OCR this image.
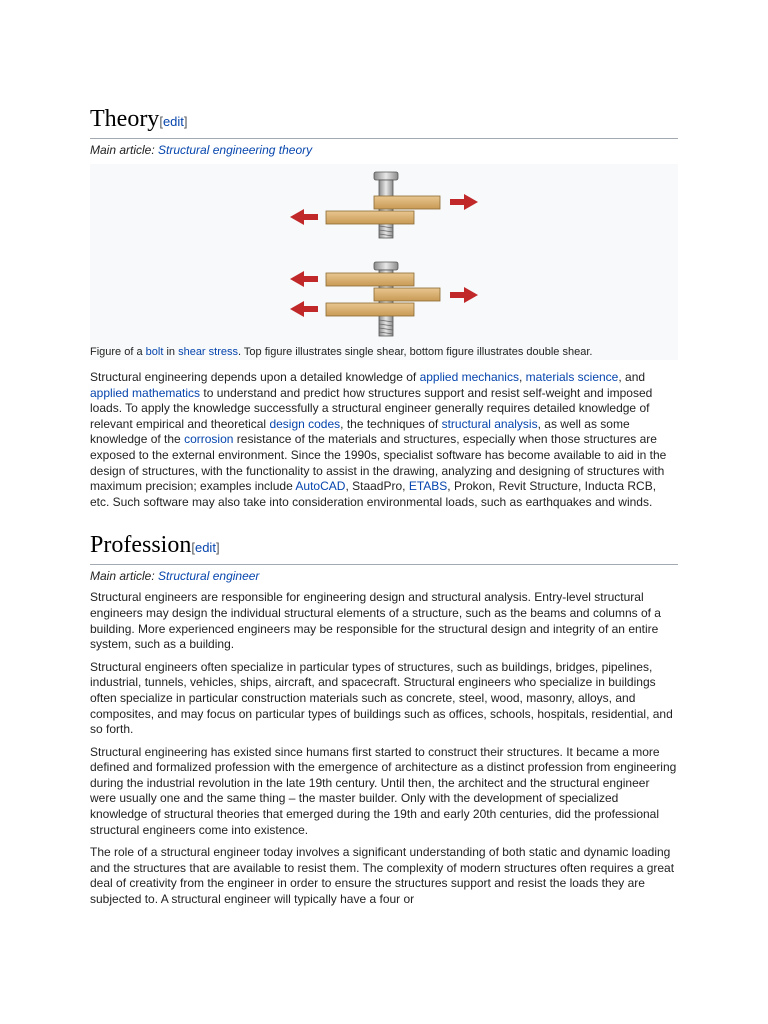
Theory[edit]
Main article: Structural engineering theory
Figure of a bolt in shear stress. Top figure illustrates single shear, bottom figure illustrates double shear.

Structural engineering depends upon a detailed knowledge of applied mechanics, materials science, and applied mathematics to understand and predict how structures support and resist self-weight and imposed loads. To apply the knowledge successfully a structural engineer generally requires detailed knowledge of relevant empirical and theoretical design codes, the techniques of structural analysis, as well as some knowledge of the corrosion resistance of the materials and structures, especially when those structures are exposed to the external environment. Since the 1990s, specialist software has become available to aid in the design of structures, with the functionality to assist in the drawing, analyzing and designing of structures with maximum precision; examples include AutoCAD, StaadPro, ETABS, Prokon, Revit Structure, Inducta RCB, etc. Such software may also take into consideration environmental loads, such as earthquakes and winds.

Profession[edit]
Main article: Structural engineer

Structural engineers are responsible for engineering design and structural analysis. Entry-level structural engineers may design the individual structural elements of a structure, such as the beams and columns of a building. More experienced engineers may be responsible for the structural design and integrity of an entire system, such as a building.

Structural engineers often specialize in particular types of structures, such as buildings, bridges, pipelines, industrial, tunnels, vehicles, ships, aircraft, and spacecraft. Structural engineers who specialize in buildings often specialize in particular construction materials such as concrete, steel, wood, masonry, alloys, and composites, and may focus on particular types of buildings such as offices, schools, hospitals, residential, and so forth.

Structural engineering has existed since humans first started to construct their structures. It became a more defined and formalized profession with the emergence of architecture as a distinct profession from engineering during the industrial revolution in the late 19th century. Until then, the architect and the structural engineer were usually one and the same thing – the master builder. Only with the development of specialized knowledge of structural theories that emerged during the 19th and early 20th centuries, did the professional structural engineers come into existence.

The role of a structural engineer today involves a significant understanding of both static and dynamic loading and the structures that are available to resist them. The complexity of modern structures often requires a great deal of creativity from the engineer in order to ensure the structures support and resist the loads they are subjected to. A structural engineer will typically have a four or
